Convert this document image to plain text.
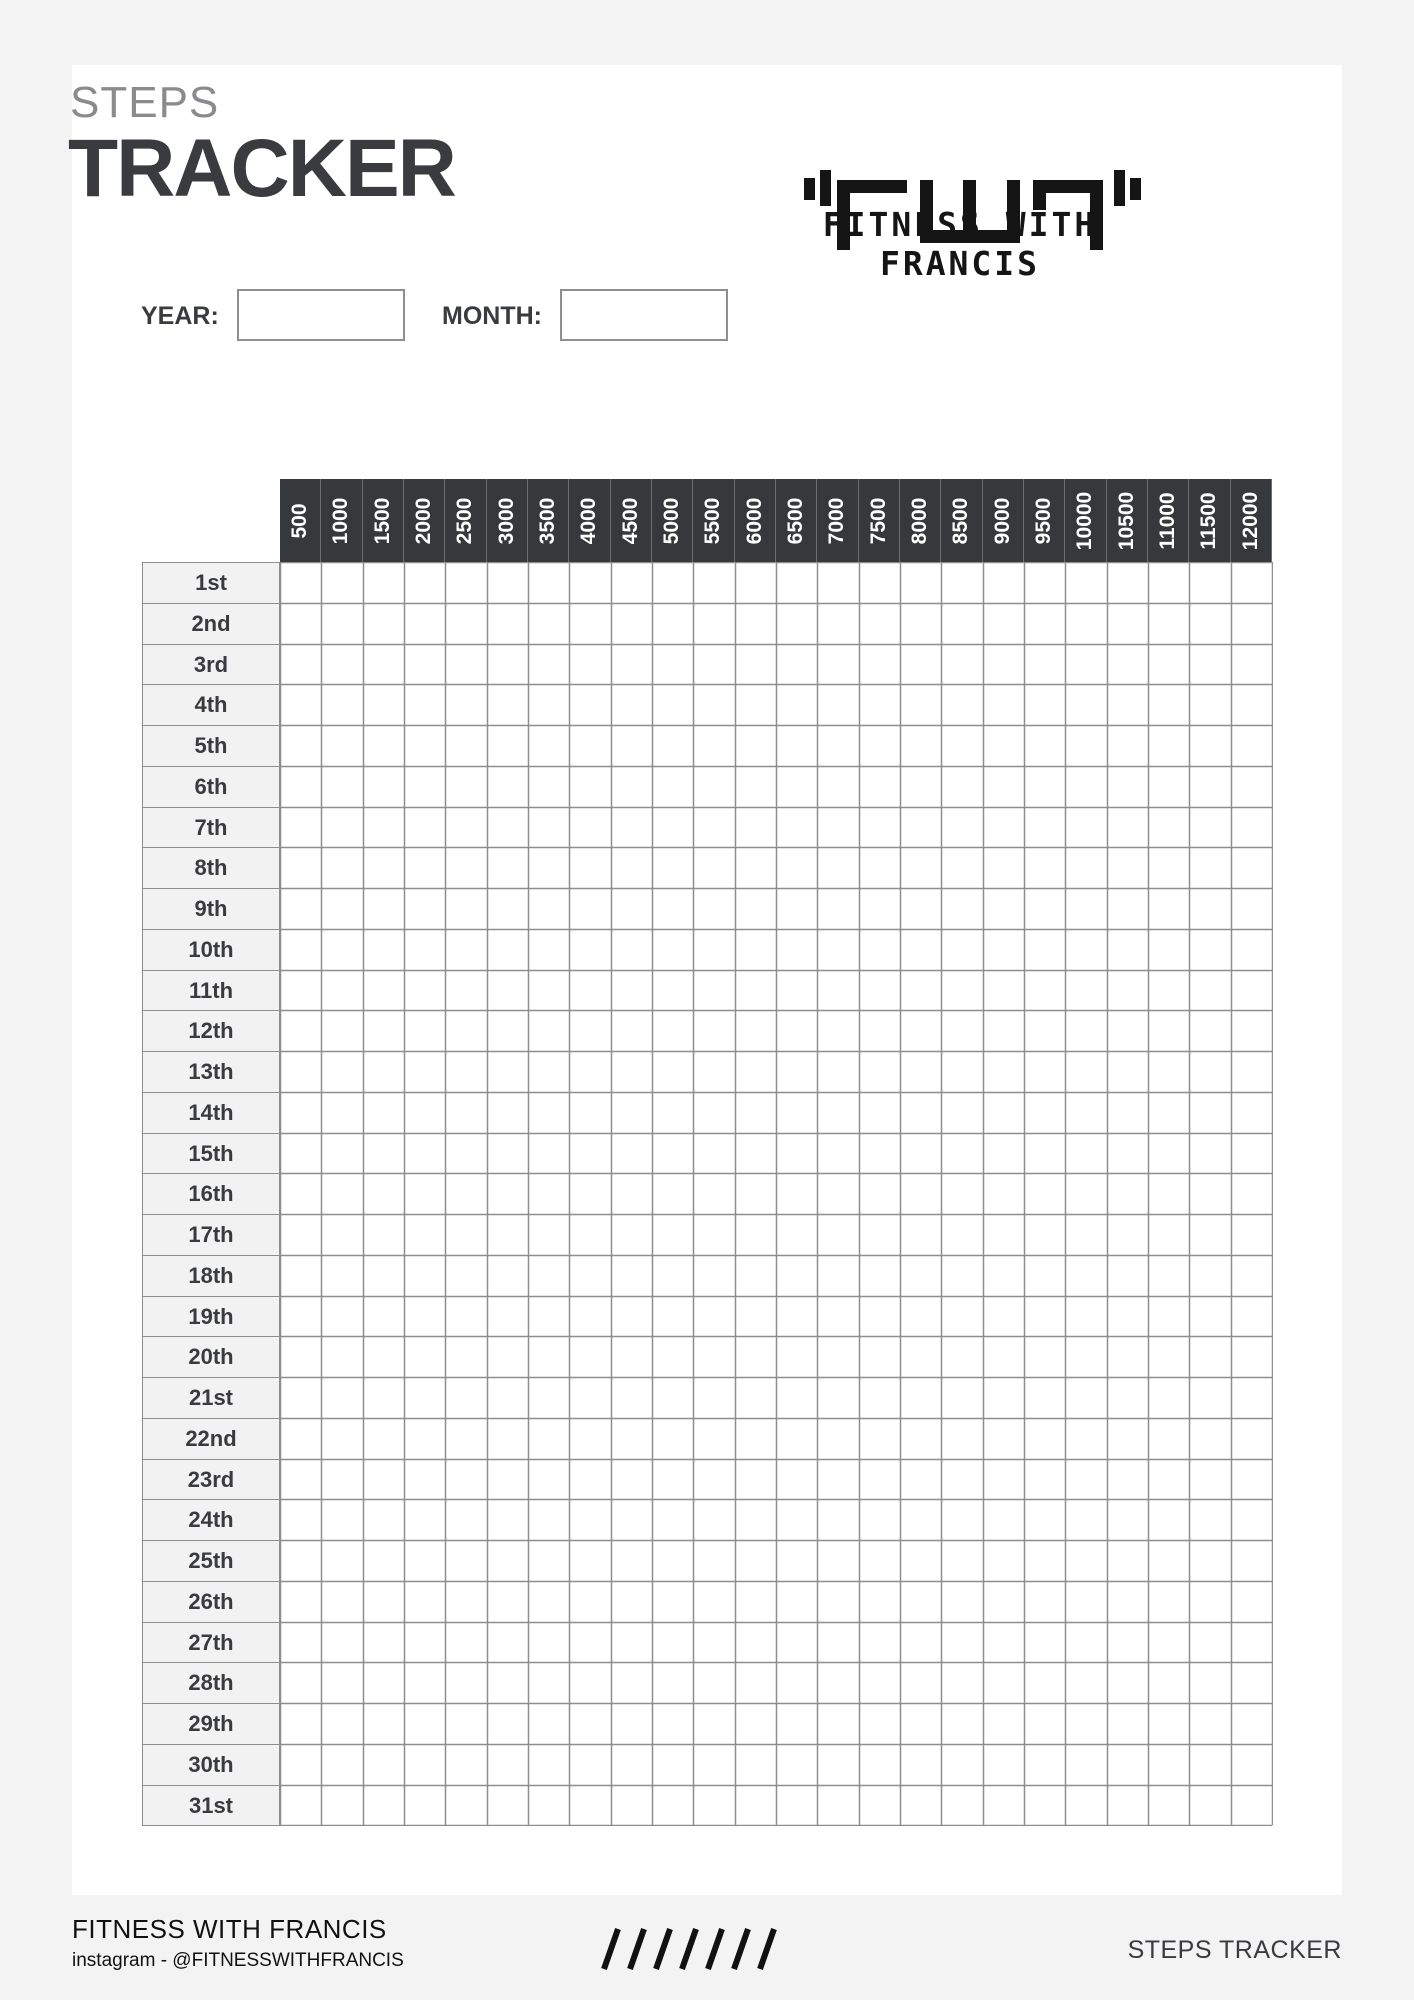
STEPS
TRACKER
FITNESS WITH FRANCIS
YEAR:	MONTH:
500 1000 1500 2000 2500 3000 3500 4000 4500 5000 5500 6000 6500 7000 7500 8000 8500 9000 9500 10000 10500 11000 11500 12000
1st
2nd
3rd
4th
5th
6th
7th
8th
9th
10th
11th
12th
13th
14th
15th
16th
17th
18th
19th
20th
21st
22nd
23rd
24th
25th
26th
27th
28th
29th
30th
31st
FITNESS WITH FRANCIS
instagram - @FITNESSWITHFRANCIS	STEPS TRACKER
